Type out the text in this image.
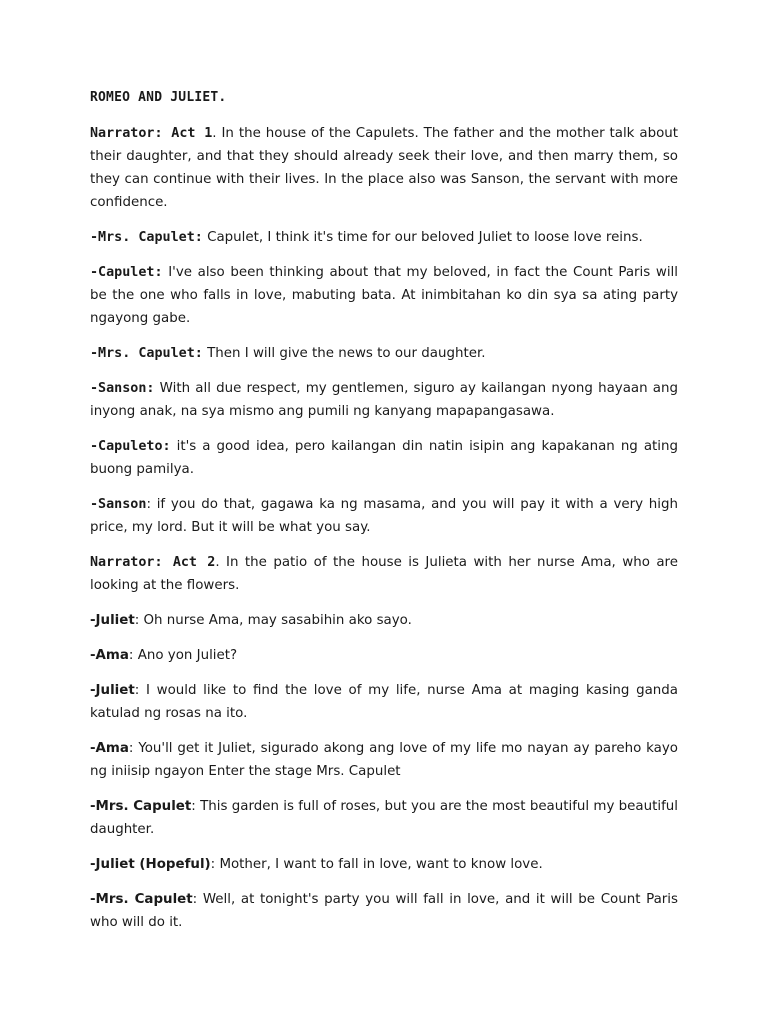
ROMEO AND JULIET.

Narrator: Act 1. In the house of the Capulets. The father and the mother talk about their daughter, and that they should already seek their love, and then marry them, so they can continue with their lives. In the place also was Sanson, the servant with more confidence.

-Mrs. Capulet: Capulet, I think it's time for our beloved Juliet to loose love reins.

-Capulet: I've also been thinking about that my beloved, in fact the Count Paris will be the one who falls in love, mabuting bata. At inimbitahan ko din sya sa ating party ngayong gabe.

-Mrs. Capulet: Then I will give the news to our daughter.

-Sanson: With all due respect, my gentlemen, siguro ay kailangan nyong hayaan ang inyong anak, na sya mismo ang pumili ng kanyang mapapangasawa.

-Capuleto: it's a good idea, pero kailangan din natin isipin ang kapakanan ng ating buong pamilya.

-Sanson: if you do that, gagawa ka ng masama, and you will pay it with a very high price, my lord. But it will be what you say.

Narrator: Act 2. In the patio of the house is Julieta with her nurse Ama, who are looking at the flowers.

-Juliet: Oh nurse Ama, may sasabihin ako sayo.

-Ama: Ano yon Juliet?

-Juliet: I would like to find the love of my life, nurse Ama at maging kasing ganda katulad ng rosas na ito.

-Ama: You'll get it Juliet, sigurado akong ang love of my life mo nayan ay pareho kayo ng iniisip ngayon Enter the stage Mrs. Capulet

-Mrs. Capulet: This garden is full of roses, but you are the most beautiful my beautiful daughter.

-Juliet (Hopeful): Mother, I want to fall in love, want to know love.

-Mrs. Capulet: Well, at tonight's party you will fall in love, and it will be Count Paris who will do it.
